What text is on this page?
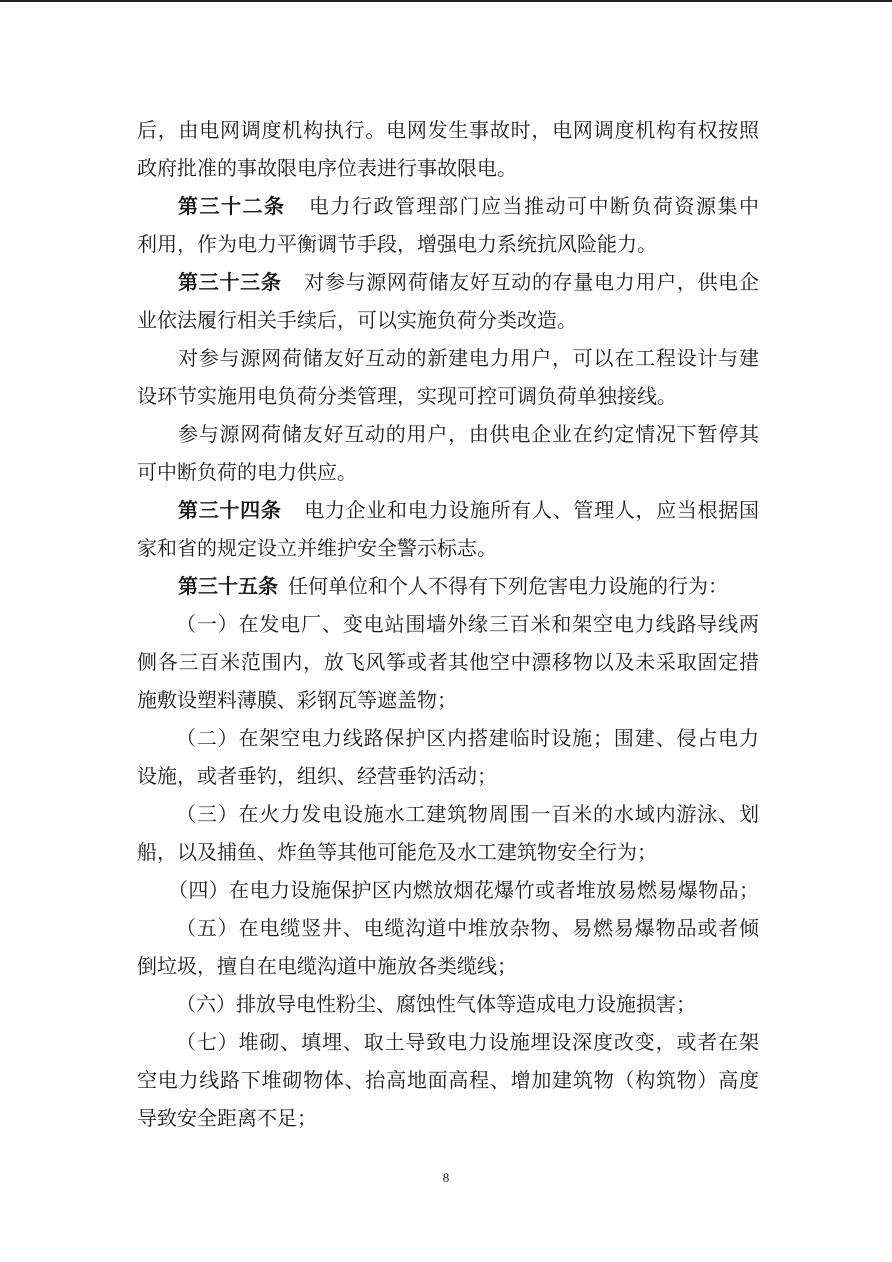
后，由电网调度机构执行。电网发生事故时，电网调度机构有权按照
政府批准的事故限电序位表进行事故限电。
第三十二条 电力行政管理部门应当推动可中断负荷资源集中
利用，作为电力平衡调节手段，增强电力系统抗风险能力。
第三十三条 对参与源网荷储友好互动的存量电力用户，供电企
业依法履行相关手续后，可以实施负荷分类改造。
对参与源网荷储友好互动的新建电力用户，可以在工程设计与建
设环节实施用电负荷分类管理，实现可控可调负荷单独接线。
参与源网荷储友好互动的用户，由供电企业在约定情况下暂停其
可中断负荷的电力供应。
第三十四条 电力企业和电力设施所有人、管理人，应当根据国
家和省的规定设立并维护安全警示标志。
第三十五条 任何单位和个人不得有下列危害电力设施的行为：
（一）在发电厂、变电站围墙外缘三百米和架空电力线路导线两
侧各三百米范围内，放飞风筝或者其他空中漂移物以及未采取固定措
施敷设塑料薄膜、彩钢瓦等遮盖物；
（二）在架空电力线路保护区内搭建临时设施；围建、侵占电力
设施，或者垂钓，组织、经营垂钓活动；
（三）在火力发电设施水工建筑物周围一百米的水域内游泳、划
船，以及捕鱼、炸鱼等其他可能危及水工建筑物安全行为；
（四）在电力设施保护区内燃放烟花爆竹或者堆放易燃易爆物品；
（五）在电缆竖井、电缆沟道中堆放杂物、易燃易爆物品或者倾
倒垃圾，擅自在电缆沟道中施放各类缆线；
（六）排放导电性粉尘、腐蚀性气体等造成电力设施损害；
（七）堆砌、填埋、取土导致电力设施埋设深度改变，或者在架
空电力线路下堆砌物体、抬高地面高程、增加建筑物（构筑物）高度
导致安全距离不足；
8
